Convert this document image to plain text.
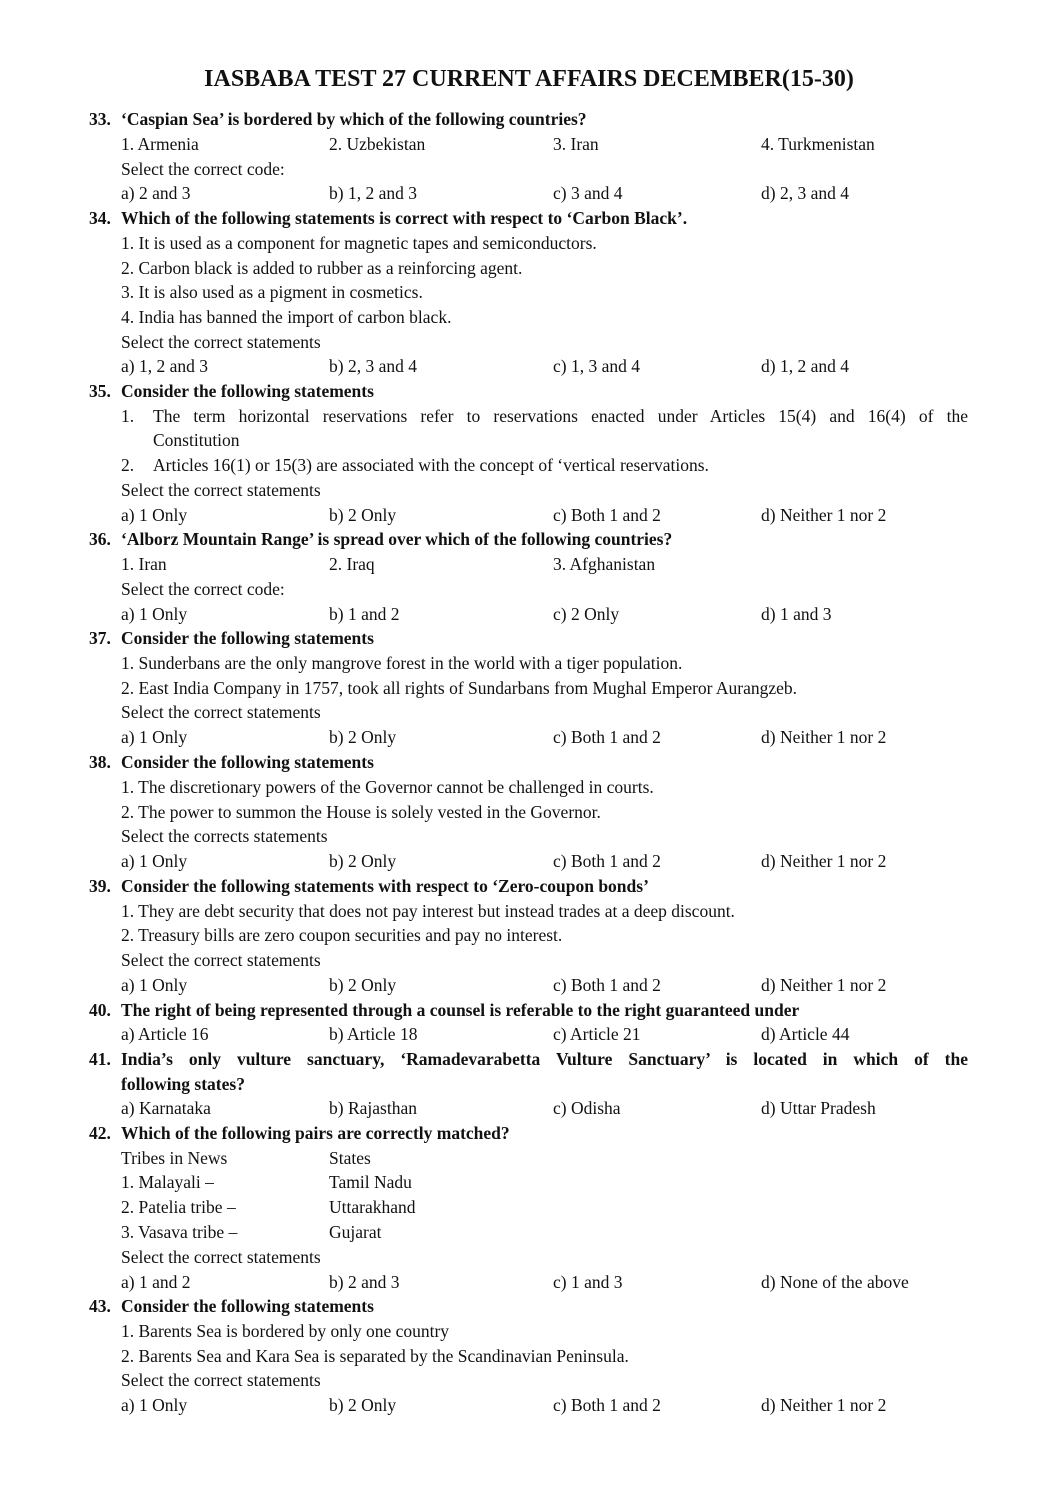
IASBABA TEST 27 CURRENT AFFAIRS DECEMBER(15-30)
33. ‘Caspian Sea’ is bordered by which of the following countries?
1. Armenia	2. Uzbekistan	3. Iran	4. Turkmenistan
Select the correct code:
a) 2 and 3	b) 1, 2 and 3	c) 3 and 4	d) 2, 3 and 4
34. Which of the following statements is correct with respect to ‘Carbon Black’.
1. It is used as a component for magnetic tapes and semiconductors.
2. Carbon black is added to rubber as a reinforcing agent.
3. It is also used as a pigment in cosmetics.
4. India has banned the import of carbon black.
Select the correct statements
a) 1, 2 and 3	b) 2, 3 and 4	c) 1, 3 and 4	d) 1, 2 and 4
35. Consider the following statements
1. The term horizontal reservations refer to reservations enacted under Articles 15(4) and 16(4) of the
Constitution
2. Articles 16(1) or 15(3) are associated with the concept of ‘vertical reservations.
Select the correct statements
a) 1 Only	b) 2 Only	c) Both 1 and 2	d) Neither 1 nor 2
36. ‘Alborz Mountain Range’ is spread over which of the following countries?
1. Iran	2. Iraq	3. Afghanistan
Select the correct code:
a) 1 Only	b) 1 and 2	c) 2 Only	d) 1 and 3
37. Consider the following statements
1. Sunderbans are the only mangrove forest in the world with a tiger population.
2. East India Company in 1757, took all rights of Sundarbans from Mughal Emperor Aurangzeb.
Select the correct statements
a) 1 Only	b) 2 Only	c) Both 1 and 2	d) Neither 1 nor 2
38. Consider the following statements
1. The discretionary powers of the Governor cannot be challenged in courts.
2. The power to summon the House is solely vested in the Governor.
Select the corrects statements
a) 1 Only	b) 2 Only	c) Both 1 and 2	d) Neither 1 nor 2
39. Consider the following statements with respect to ‘Zero-coupon bonds’
1. They are debt security that does not pay interest but instead trades at a deep discount.
2. Treasury bills are zero coupon securities and pay no interest.
Select the correct statements
a) 1 Only	b) 2 Only	c) Both 1 and 2	d) Neither 1 nor 2
40. The right of being represented through a counsel is referable to the right guaranteed under
a) Article 16	b) Article 18	c) Article 21	d) Article 44
41. India’s only vulture sanctuary, ‘Ramadevarabetta Vulture Sanctuary’ is located in which of the
following states?
a) Karnataka	b) Rajasthan	c) Odisha	d) Uttar Pradesh
42. Which of the following pairs are correctly matched?
Tribes in News	States
1. Malayali –	Tamil Nadu
2. Patelia tribe –	Uttarakhand
3. Vasava tribe –	Gujarat
Select the correct statements
a) 1 and 2	b) 2 and 3	c) 1 and 3	d) None of the above
43. Consider the following statements
1. Barents Sea is bordered by only one country
2. Barents Sea and Kara Sea is separated by the Scandinavian Peninsula.
Select the correct statements
a) 1 Only	b) 2 Only	c) Both 1 and 2	d) Neither 1 nor 2
